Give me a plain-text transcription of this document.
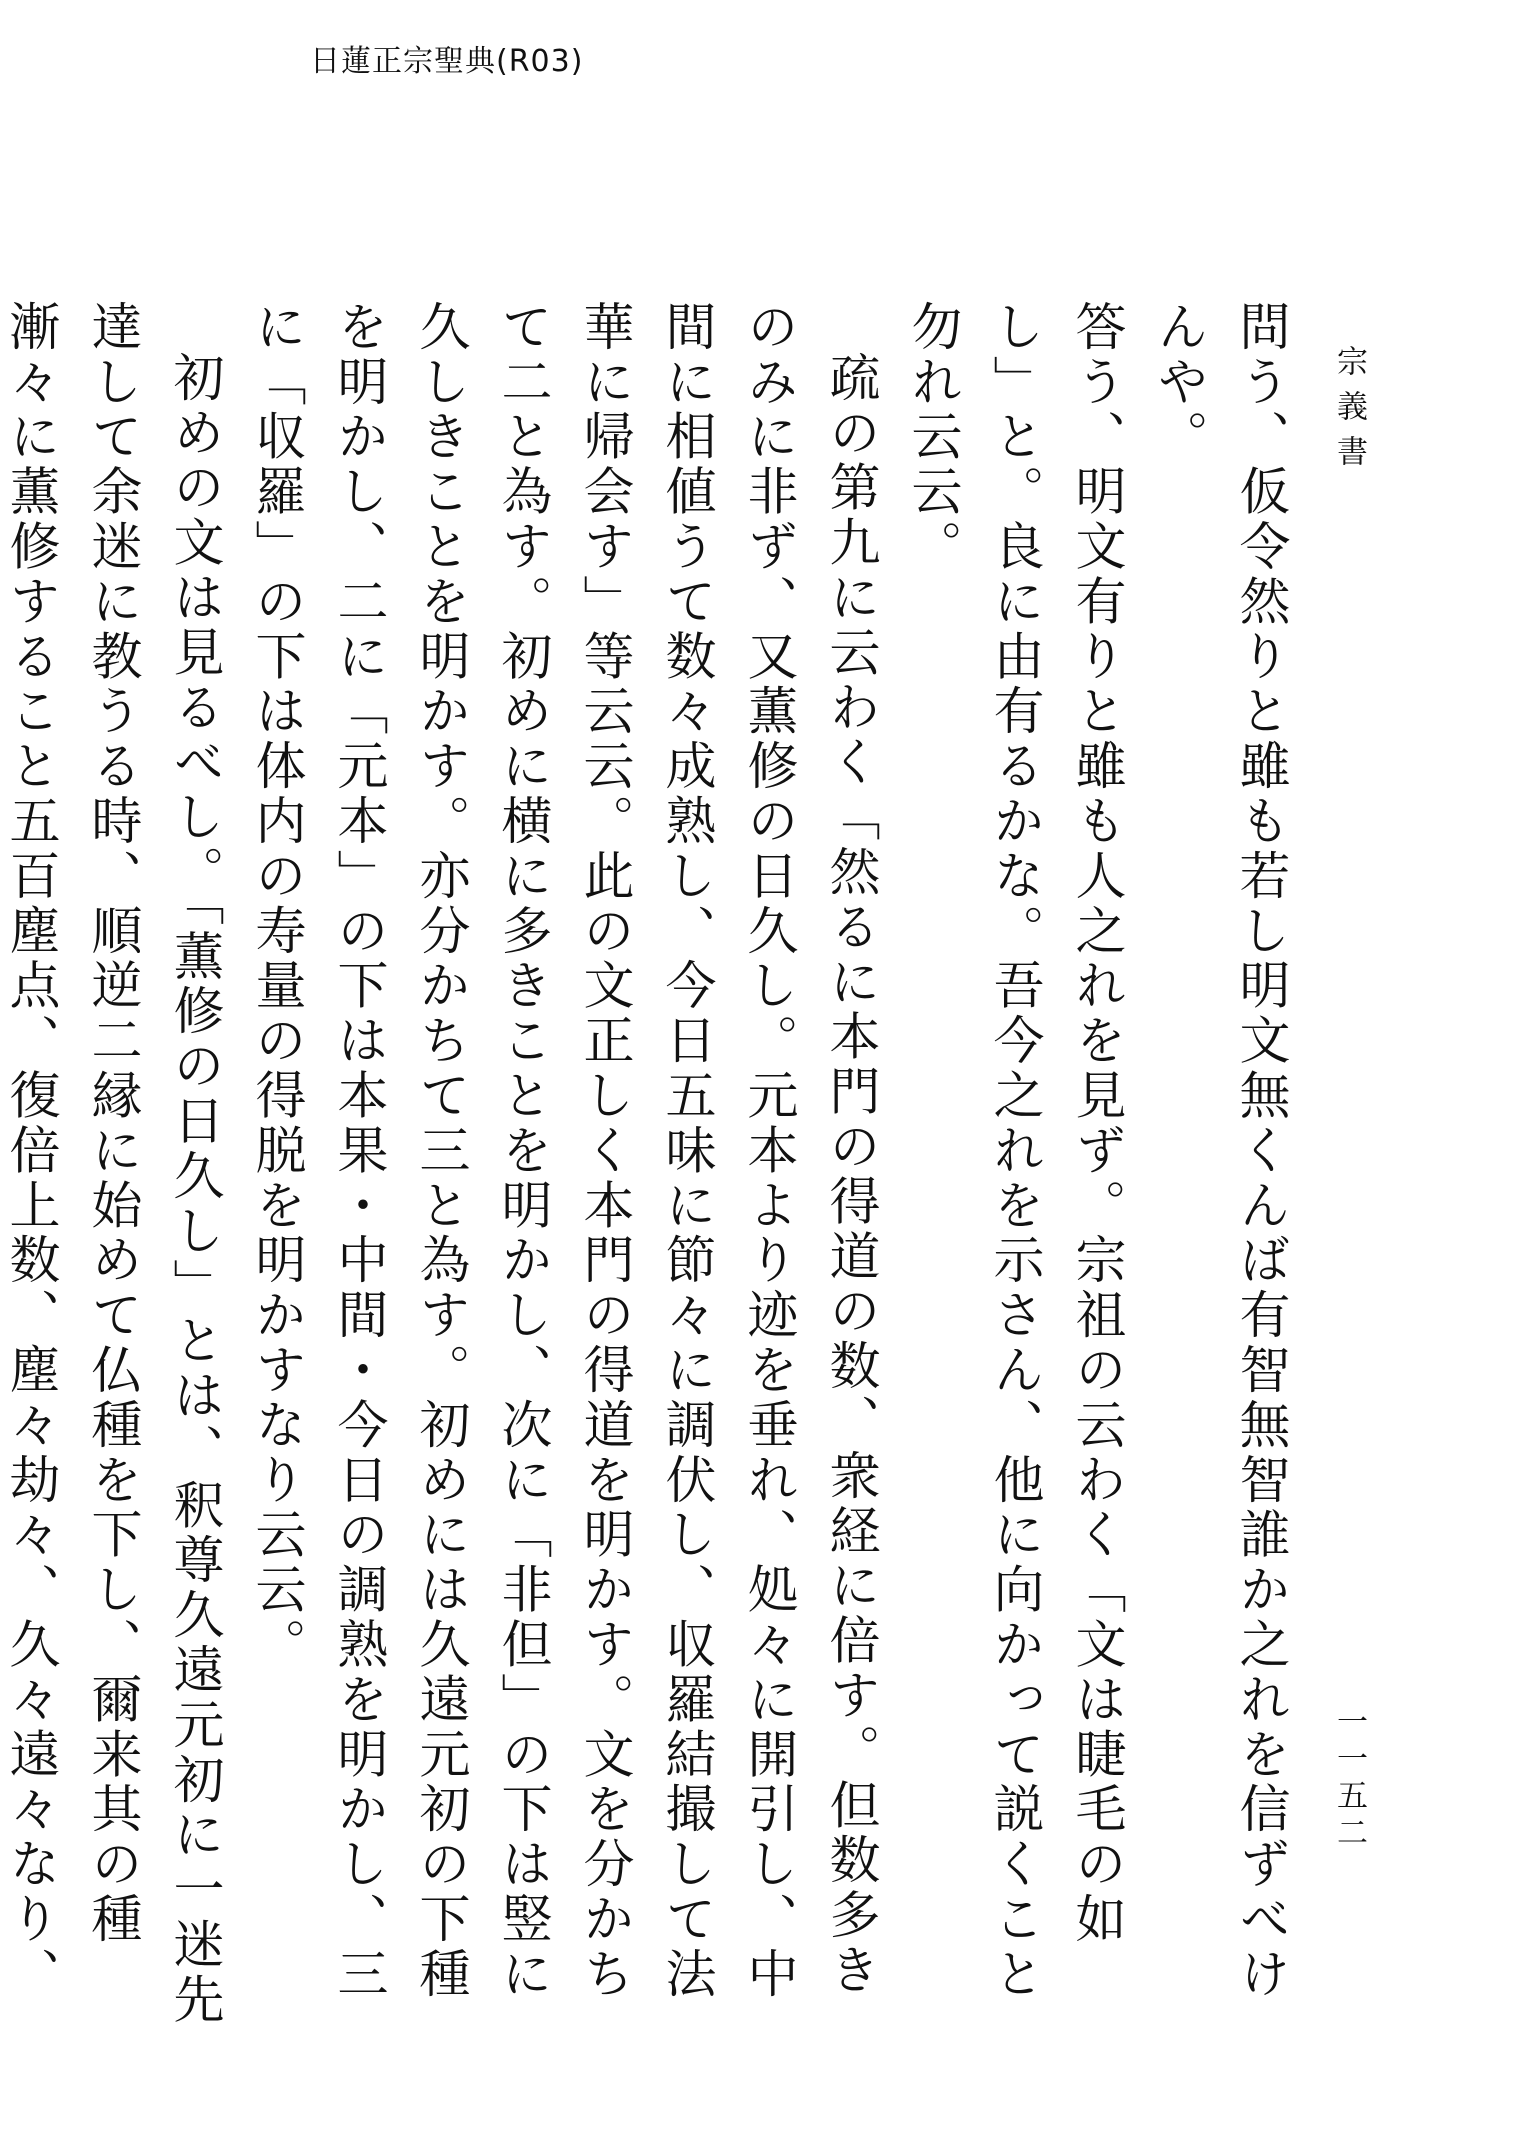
日蓮正宗聖典(R03)
宗義書
一一五二

問う、仮令然りと雖も若し明文無くんば有智無智誰か之れを信ずべけんや。

答う、明文有りと雖も人之れを見ず。宗祖の云わく「文は睫毛の如し」と。良に由有るかな。吾今之れを示さん、他に向かって説くこと勿れ云云。

疏の第九に云わく「然るに本門の得道の数、衆経に倍す。但数多きのみに非ず、又薫修の日久し。元本より迹を垂れ、処々に開引し、中間に相値うて数々成熟し、今日五味に節々に調伏し、収羅結撮して法華に帰会す」等云云。此の文正しく本門の得道を明かす。文を分かちて二と為す。初めに横に多きことを明かし、次に「非但」の下は竪に久しきことを明かす。亦分かちて三と為す。初めには久遠元初の下種を明かし、二に「元本」の下は本果・中間・今日の調熟を明かし、三に「収羅」の下は体内の寿量の得脱を明かすなり云云。

初めの文は見るべし。「薫修の日久し」とは、釈尊久遠元初に一迷先達して余迷に教うる時、順逆二縁に始めて仏種を下し、爾来其の種漸々に薫修すること五百塵点、復倍上数、塵々劫々、久々遠々なり、
